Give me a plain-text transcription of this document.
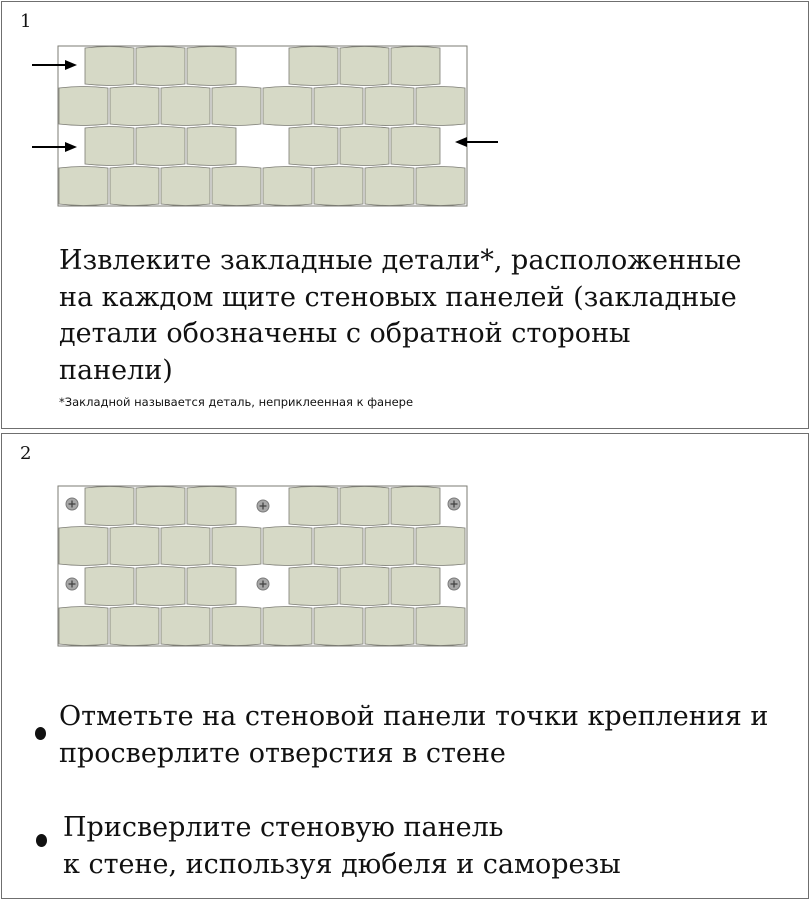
1
Извлеките закладные детали*, расположенные
на каждом щите стеновых панелей (закладные
детали обозначены с обратной стороны
панели)
*Закладной называется деталь, неприклеенная к фанере
2
Отметьте на стеновой панели точки крепления и
просверлите отверстия в стене
Присверлите стеновую панель
к стене, используя дюбеля и саморезы
